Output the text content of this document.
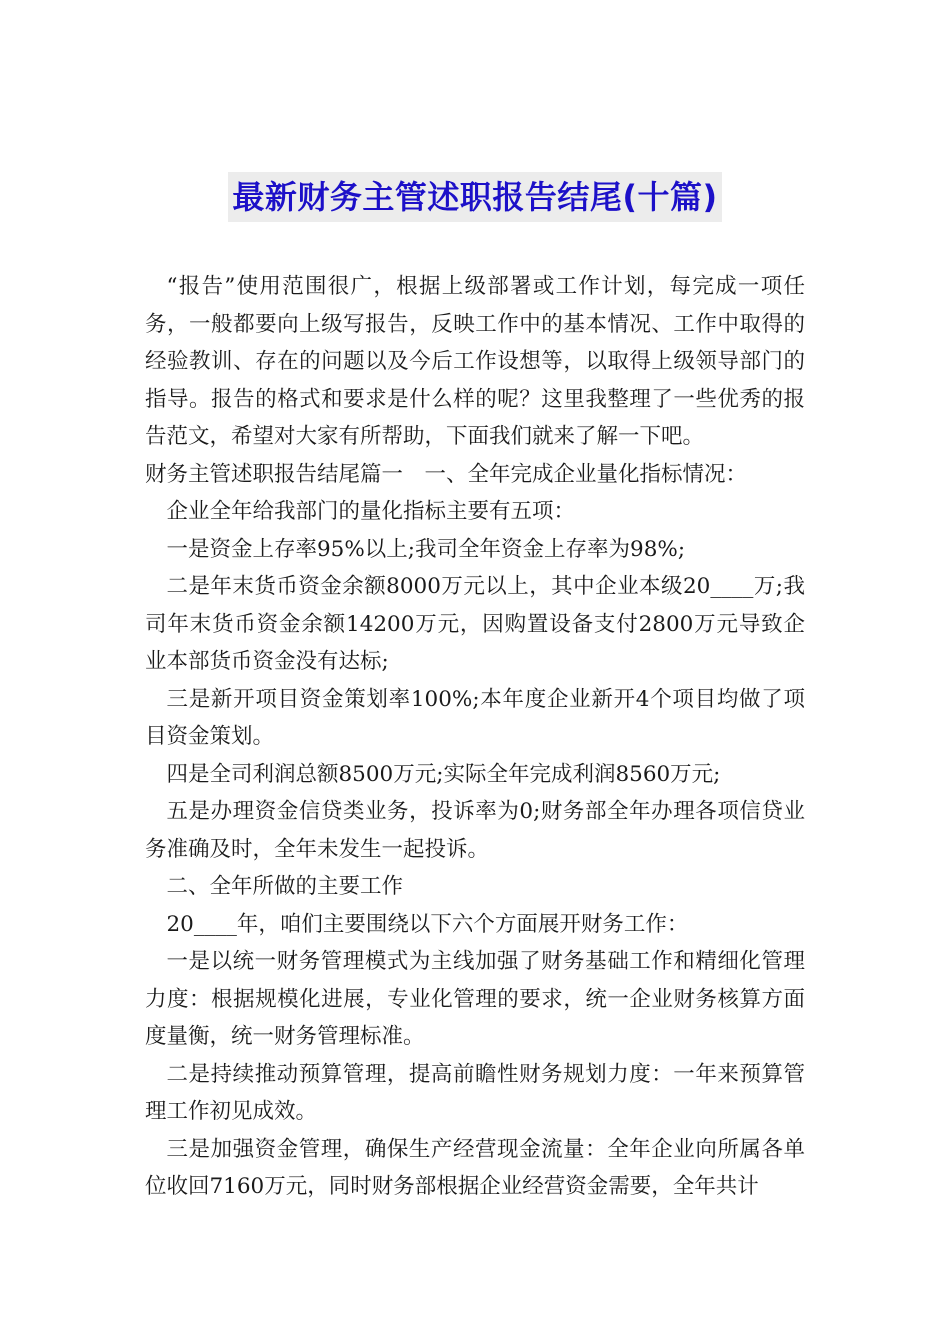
最新财务主管述职报告结尾(十篇)

“报告”使用范围很广，根据上级部署或工作计划，每完成一项任务，一般都要向上级写报告，反映工作中的基本情况、工作中取得的经验教训、存在的问题以及今后工作设想等，以取得上级领导部门的指导。报告的格式和要求是什么样的呢？这里我整理了一些优秀的报告范文，希望对大家有所帮助，下面我们就来了解一下吧。

财务主管述职报告结尾篇一　一、全年完成企业量化指标情况：

企业全年给我部门的量化指标主要有五项：

一是资金上存率95%以上;我司全年资金上存率为98%;

二是年末货币资金余额8000万元以上，其中企业本级20____万;我司年末货币资金余额14200万元，因购置设备支付2800万元导致企业本部货币资金没有达标;

三是新开项目资金策划率100%;本年度企业新开4个项目均做了项目资金策划。

四是全司利润总额8500万元;实际全年完成利润8560万元;

五是办理资金信贷类业务，投诉率为0;财务部全年办理各项信贷业务准确及时，全年未发生一起投诉。

二、全年所做的主要工作

20____年，咱们主要围绕以下六个方面展开财务工作：

一是以统一财务管理模式为主线加强了财务基础工作和精细化管理力度：根据规模化进展，专业化管理的要求，统一企业财务核算方面度量衡，统一财务管理标准。

二是持续推动预算管理，提高前瞻性财务规划力度：一年来预算管理工作初见成效。

三是加强资金管理，确保生产经营现金流量：全年企业向所属各单位收回7160万元，同时财务部根据企业经营资金需要，全年共计
